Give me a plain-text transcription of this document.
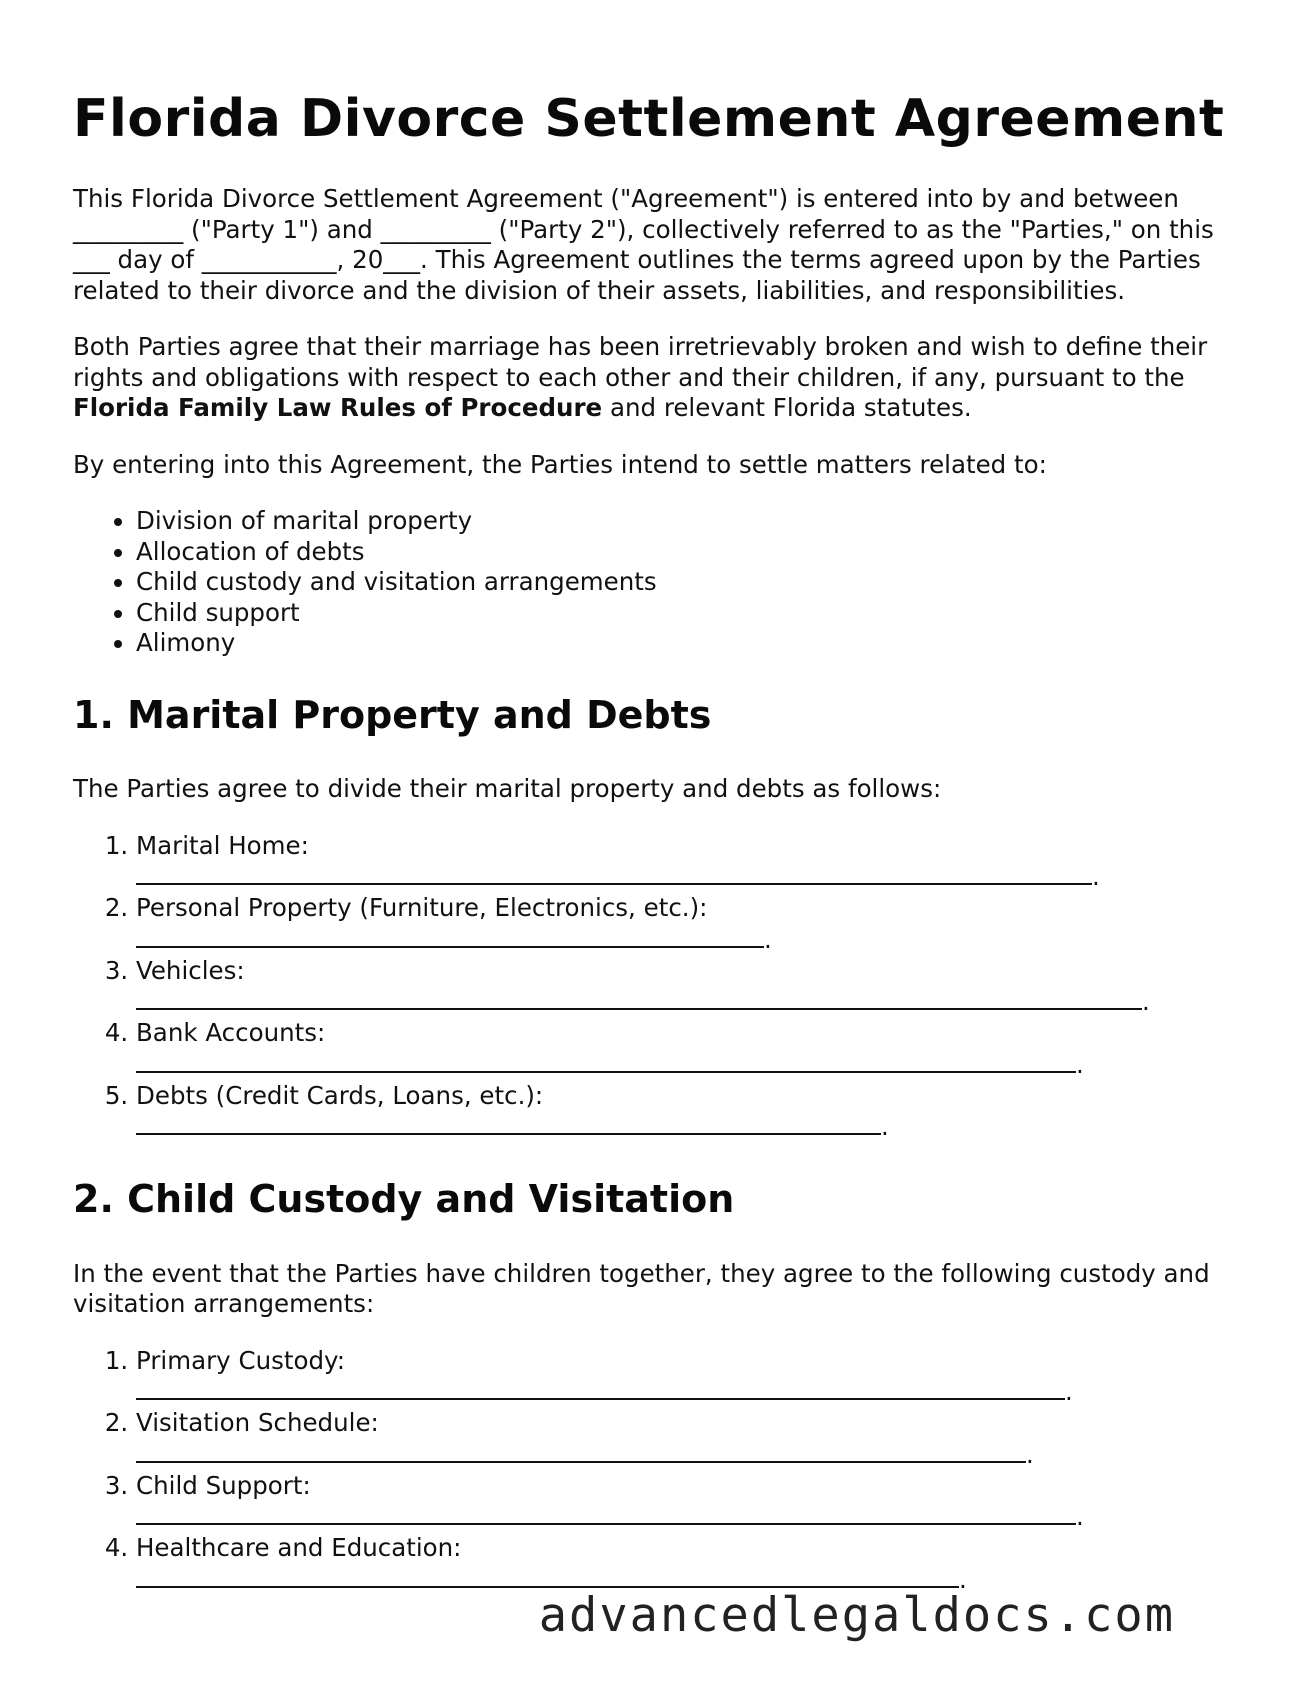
Florida Divorce Settlement Agreement

This Florida Divorce Settlement Agreement ("Agreement") is entered into by and between _________ ("Party 1") and _________ ("Party 2"), collectively referred to as the "Parties," on this ___ day of ___________, 20___. This Agreement outlines the terms agreed upon by the Parties related to their divorce and the division of their assets, liabilities, and responsibilities.

Both Parties agree that their marriage has been irretrievably broken and wish to define their rights and obligations with respect to each other and their children, if any, pursuant to the Florida Family Law Rules of Procedure and relevant Florida statutes.

By entering into this Agreement, the Parties intend to settle matters related to:

• Division of marital property
• Allocation of debts
• Child custody and visitation arrangements
• Child support
• Alimony
1. Marital Property and Debts

The Parties agree to divide their marital property and debts as follows:

1. Marital Home:
.
2. Personal Property (Furniture, Electronics, etc.):
.
3. Vehicles:
.
4. Bank Accounts:
.
5. Debts (Credit Cards, Loans, etc.):
.
2. Child Custody and Visitation

In the event that the Parties have children together, they agree to the following custody and visitation arrangements:

1. Primary Custody:
.
2. Visitation Schedule:
.
3. Child Support:
.
4. Healthcare and Education:
.
advancedlegaldocs.com
